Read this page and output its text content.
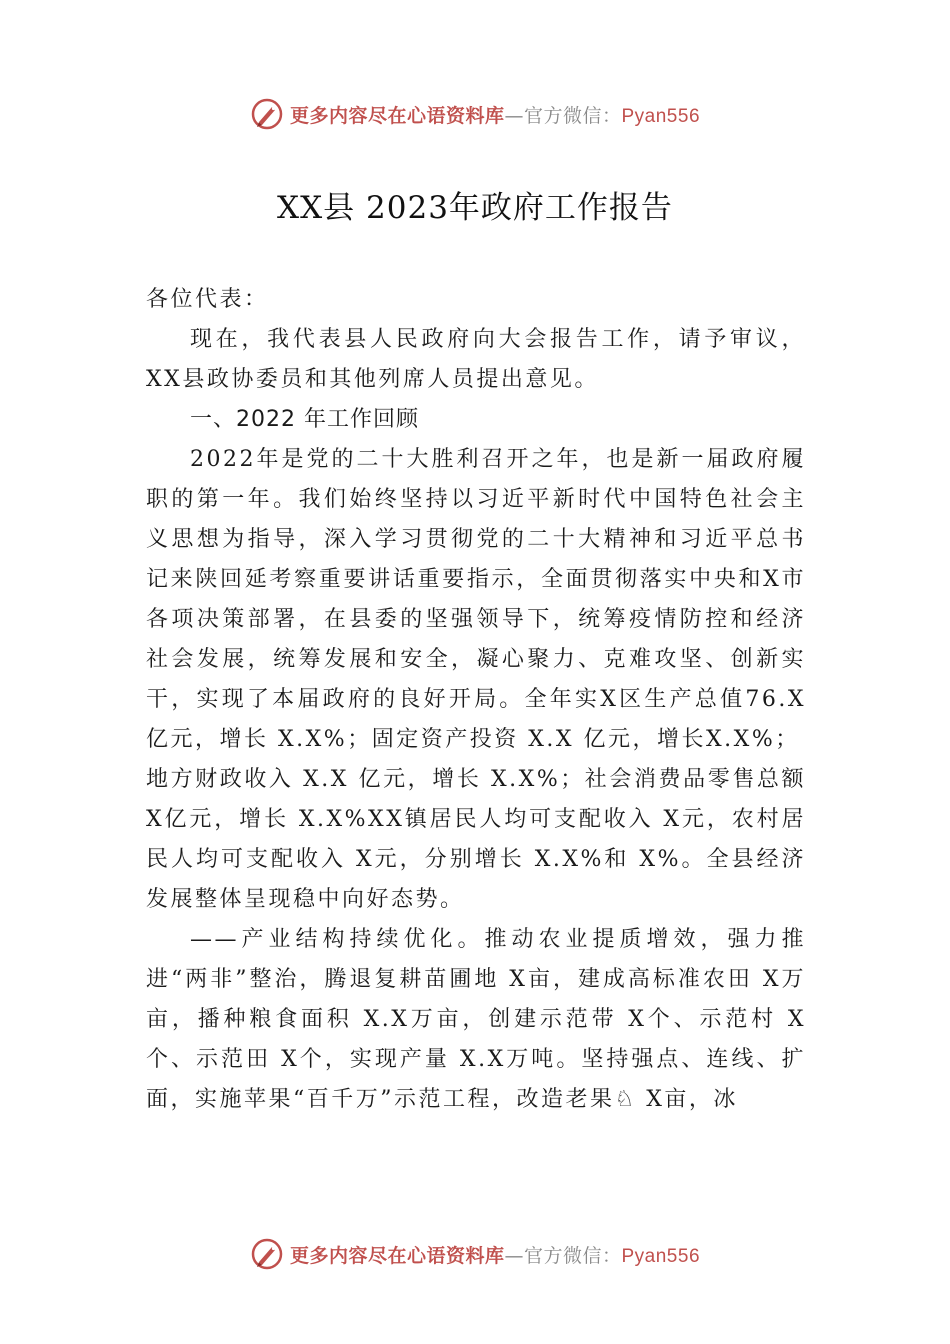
更多内容尽在心语资料库—官方微信：Pyan556
XX县 2023年政府工作报告

各位代表：

现在，我代表县人民政府向大会报告工作，请予审议，XX县政协委员和其他列席人员提出意见。

一、2022 年工作回顾

2022年是党的二十大胜利召开之年，也是新一届政府履职的第一年。我们始终坚持以习近平新时代中国特色社会主义思想为指导，深入学习贯彻党的二十大精神和习近平总书记来陕回延考察重要讲话重要指示，全面贯彻落实中央和X市各项决策部署，在县委的坚强领导下，统筹疫情防控和经济社会发展，统筹发展和安全，凝心聚力、克难攻坚、创新实干，实现了本届政府的良好开局。全年实X区生产总值76.X 亿元，增长 X.X%；固定资产投资 X.X 亿元，增长X.X%；

地方财政收入 X.X 亿元，增长 X.X%；社会消费品零售总额X亿元，增长 X.X%XX镇居民人均可支配收入 X元，农村居民人均可支配收入 X元，分别增长 X.X%和 X%。全县经济发展整体呈现稳中向好态势。

——产业结构持续优化。推动农业提质增效，强力推进“两非”整治，腾退复耕苗圃地 X亩，建成高标准农田 X万亩，播种粮食面积 X.X万亩，创建示范带 X个、示范村 X个、示范田 X个，实现产量 X.X万吨。坚持强点、连线、扩面，实施苹果“百千万”示范工程，改造老果♘ X亩，冰

更多内容尽在心语资料库—官方微信：Pyan556
